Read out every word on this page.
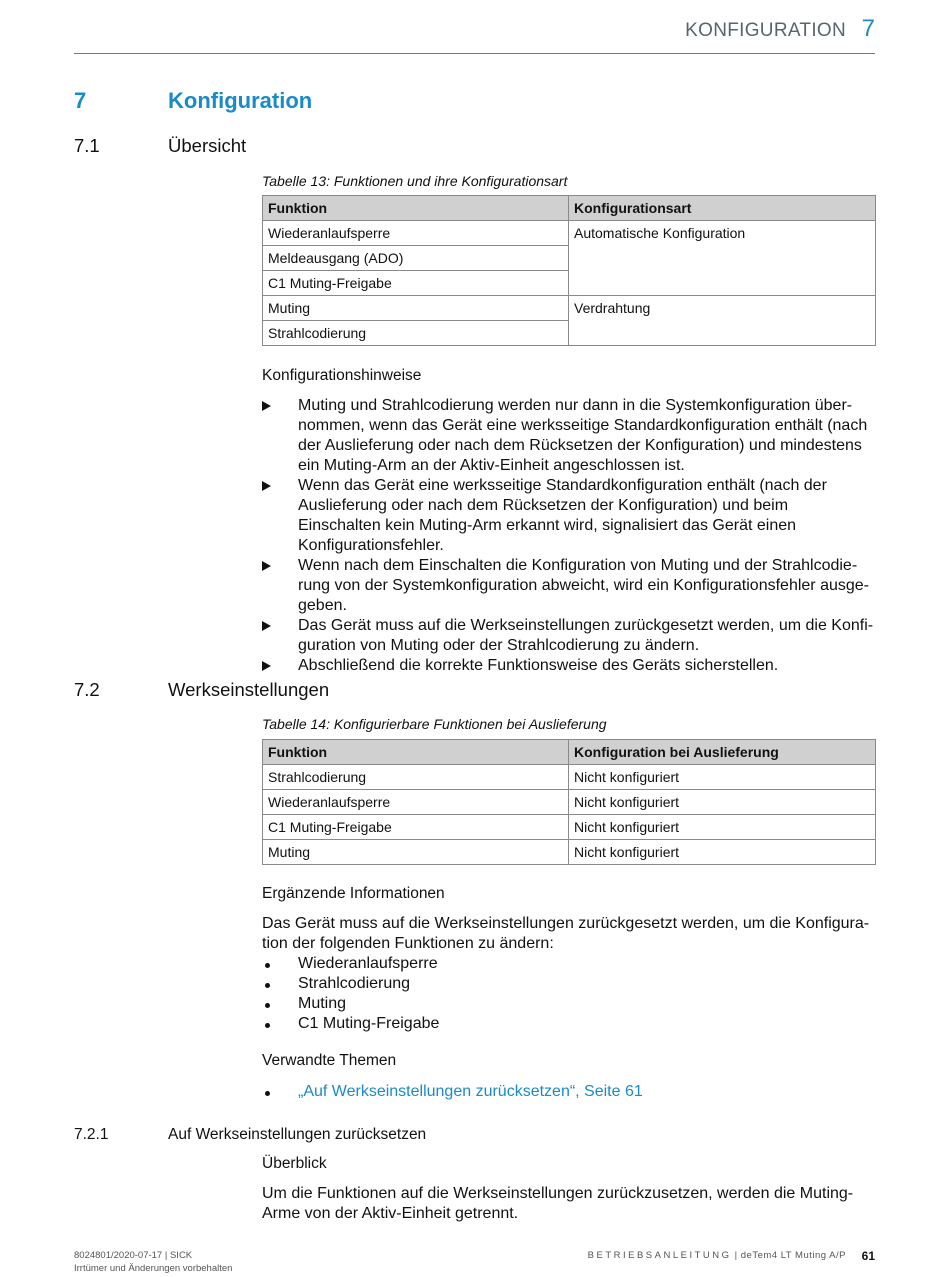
KONFIGURATION 7
7	Konfiguration
7.1	Übersicht
Tabelle 13: Funktionen und ihre Konfigurationsart
Funktion	Konfigurationsart
Wiederanlaufsperre	Automatische Konfiguration
Meldeausgang (ADO)	
C1 Muting-Freigabe	
Muting	Verdrahtung
Strahlcodierung	
Konfigurationshinweise
Muting und Strahlcodierung werden nur dann in die Systemkonfiguration übernommen, wenn das Gerät eine werksseitige Standardkonfiguration enthält (nach der Auslieferung oder nach dem Rücksetzen der Konfiguration) und mindestens ein Muting-Arm an der Aktiv-Einheit angeschlossen ist.
Wenn das Gerät eine werksseitige Standardkonfiguration enthält (nach der Auslieferung oder nach dem Rücksetzen der Konfiguration) und beim Einschalten kein Muting-Arm erkannt wird, signalisiert das Gerät einen Konfigurationsfehler.
Wenn nach dem Einschalten die Konfiguration von Muting und der Strahlcodierung von der Systemkonfiguration abweicht, wird ein Konfigurationsfehler ausgegeben.
Das Gerät muss auf die Werkseinstellungen zurückgesetzt werden, um die Konfiguration von Muting oder der Strahlcodierung zu ändern.
Abschließend die korrekte Funktionsweise des Geräts sicherstellen.
7.2	Werkseinstellungen
Tabelle 14: Konfigurierbare Funktionen bei Auslieferung
Funktion	Konfiguration bei Auslieferung
Strahlcodierung	Nicht konfiguriert
Wiederanlaufsperre	Nicht konfiguriert
C1 Muting-Freigabe	Nicht konfiguriert
Muting	Nicht konfiguriert
Ergänzende Informationen
Das Gerät muss auf die Werkseinstellungen zurückgesetzt werden, um die Konfiguration der folgenden Funktionen zu ändern:
Wiederanlaufsperre
Strahlcodierung
Muting
C1 Muting-Freigabe
Verwandte Themen
„Auf Werkseinstellungen zurücksetzen“, Seite 61
7.2.1	Auf Werkseinstellungen zurücksetzen
Überblick
Um die Funktionen auf die Werkseinstellungen zurückzusetzen, werden die Muting-Arme von der Aktiv-Einheit getrennt.
8024801/2020-07-17 | SICK
Irrtümer und Änderungen vorbehalten
BETRIEBSANLEITUNG | deTem4 LT Muting A/P 61
